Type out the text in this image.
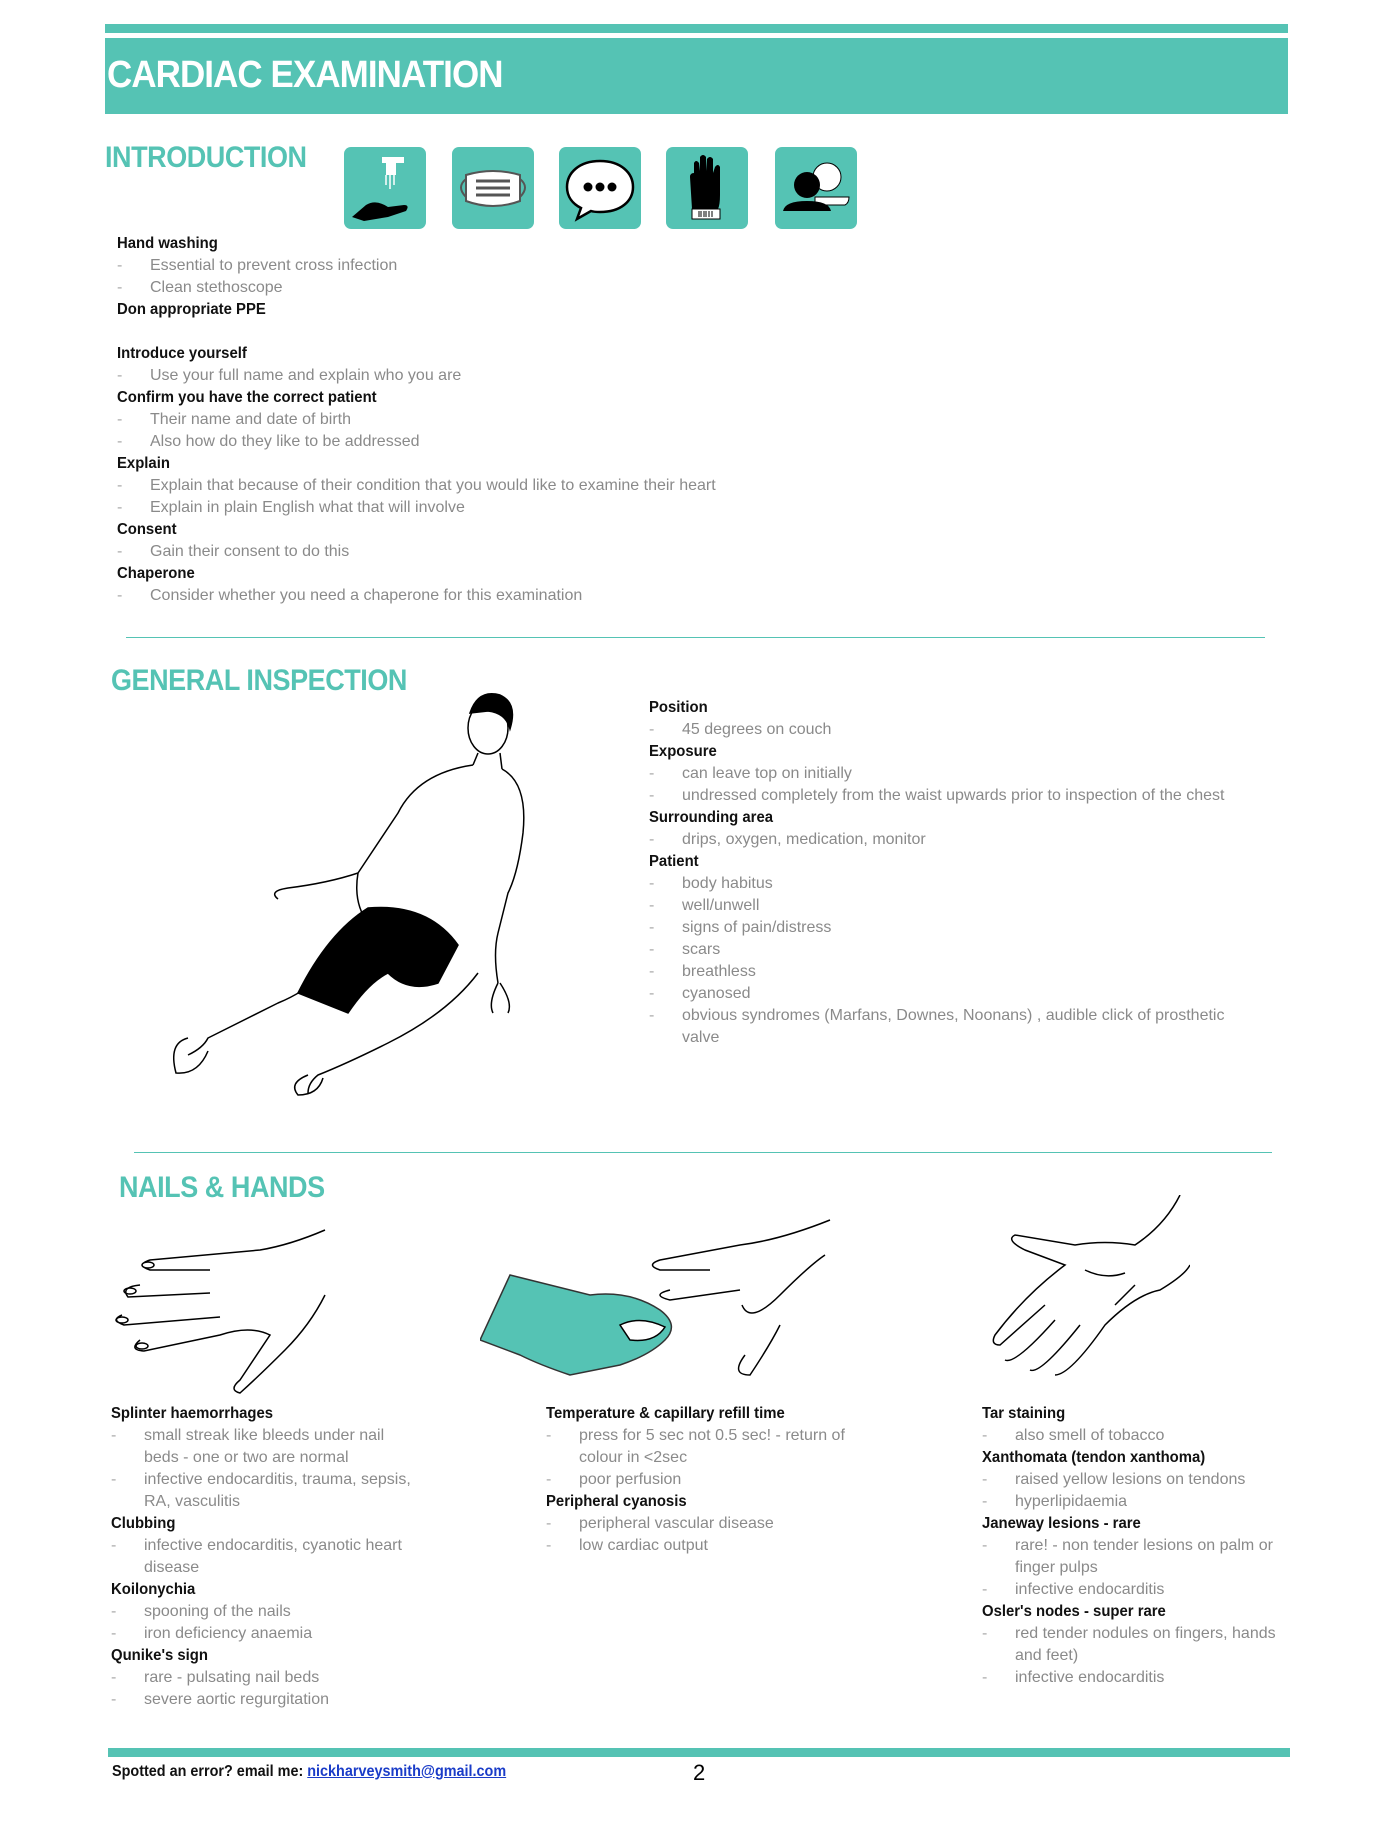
CARDIAC EXAMINATION
INTRODUCTION
Hand washing
- Essential to prevent cross infection
- Clean stethoscope
Don appropriate PPE
Introduce yourself
- Use your full name and explain who you are
Confirm you have the correct patient
- Their name and date of birth
- Also how do they like to be addressed
Explain
- Explain that because of their condition that you would like to examine their heart
- Explain in plain English what that will involve
Consent
- Gain their consent to do this
Chaperone
- Consider whether you need a chaperone for this examination
GENERAL INSPECTION
Position
- 45 degrees on couch
Exposure
- can leave top on initially
- undressed completely from the waist upwards prior to inspection of the chest
Surrounding area
- drips, oxygen, medication, monitor
Patient
- body habitus
- well/unwell
- signs of pain/distress
- scars
- breathless
- cyanosed
- obvious syndromes (Marfans, Downes, Noonans) , audible click of prosthetic valve
NAILS & HANDS
Splinter haemorrhages
- small streak like bleeds under nail beds - one or two are normal
- infective endocarditis, trauma, sepsis, RA, vasculitis
Clubbing
- infective endocarditis, cyanotic heart disease
Koilonychia
- spooning of the nails
- iron deficiency anaemia
Qunike's sign
- rare - pulsating nail beds
- severe aortic regurgitation
Temperature & capillary refill time
- press for 5 sec not 0.5 sec! - return of colour in <2sec
- poor perfusion
Peripheral cyanosis
- peripheral vascular disease
- low cardiac output
Tar staining
- also smell of tobacco
Xanthomata (tendon xanthoma)
- raised yellow lesions on tendons
- hyperlipidaemia
Janeway lesions - rare
- rare! - non tender lesions on palm or finger pulps
- infective endocarditis
Osler's nodes - super rare
- red tender nodules on fingers, hands and feet)
- infective endocarditis
Spotted an error? email me: nickharveysmith@gmail.com	2
